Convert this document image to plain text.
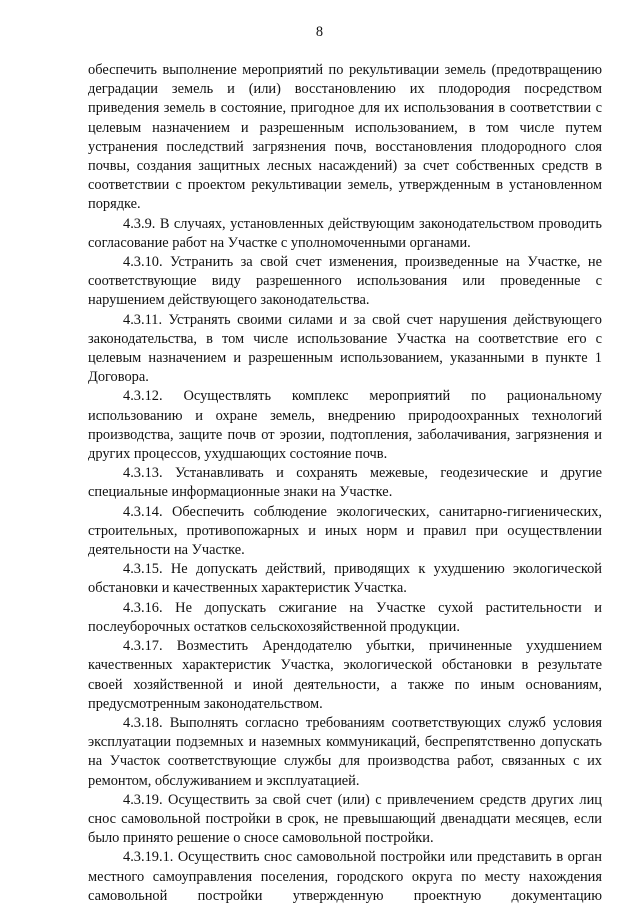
8

обеспечить выполнение мероприятий по рекультивации земель (предотвращению деградации земель и (или) восстановлению их плодородия посредством приведения земель в состояние, пригодное для их использования в соответствии с целевым назначением и разрешенным использованием, в том числе путем устранения последствий загрязнения почв, восстановления плодородного слоя почвы, создания защитных лесных насаждений) за счет собственных средств в соответствии с проектом рекультивации земель, утвержденным в установленном порядке.

4.3.9. В случаях, установленных действующим законодательством проводить согласование работ на Участке с уполномоченными органами.

4.3.10. Устранить за свой счет изменения, произведенные на Участке, не соответствующие виду разрешенного использования или проведенные с нарушением действующего законодательства.

4.3.11. Устранять своими силами и за свой счет нарушения действующего законодательства, в том числе использование Участка на соответствие его с целевым назначением и разрешенным использованием, указанными в пункте 1 Договора.

4.3.12. Осуществлять комплекс мероприятий по рациональному использованию и охране земель, внедрению природоохранных технологий производства, защите почв от эрозии, подтопления, заболачивания, загрязнения и других процессов, ухудшающих состояние почв.

4.3.13. Устанавливать и сохранять межевые, геодезические и другие специальные информационные знаки на Участке.

4.3.14. Обеспечить соблюдение экологических, санитарно-гигиенических, строительных, противопожарных и иных норм и правил при осуществлении деятельности на Участке.

4.3.15. Не допускать действий, приводящих к ухудшению экологической обстановки и качественных характеристик Участка.

4.3.16. Не допускать сжигание на Участке сухой растительности и послеуборочных остатков сельскохозяйственной продукции.

4.3.17. Возместить Арендодателю убытки, причиненные ухудшением качественных характеристик Участка, экологической обстановки в результате своей хозяйственной и иной деятельности, а также по иным основаниям, предусмотренным законодательством.

4.3.18. Выполнять согласно требованиям соответствующих служб условия эксплуатации подземных и наземных коммуникаций, беспрепятственно допускать на Участок соответствующие службы для производства работ, связанных с их ремонтом, обслуживанием и эксплуатацией.

4.3.19. Осуществить за свой счет (или) с привлечением средств других лиц снос самовольной постройки в срок, не превышающий двенадцати месяцев, если было принято решение о сносе самовольной постройки.

4.3.19.1. Осуществить снос самовольной постройки или представить в орган местного самоуправления поселения, городского округа по месту нахождения самовольной постройки утвержденную проектную документацию
